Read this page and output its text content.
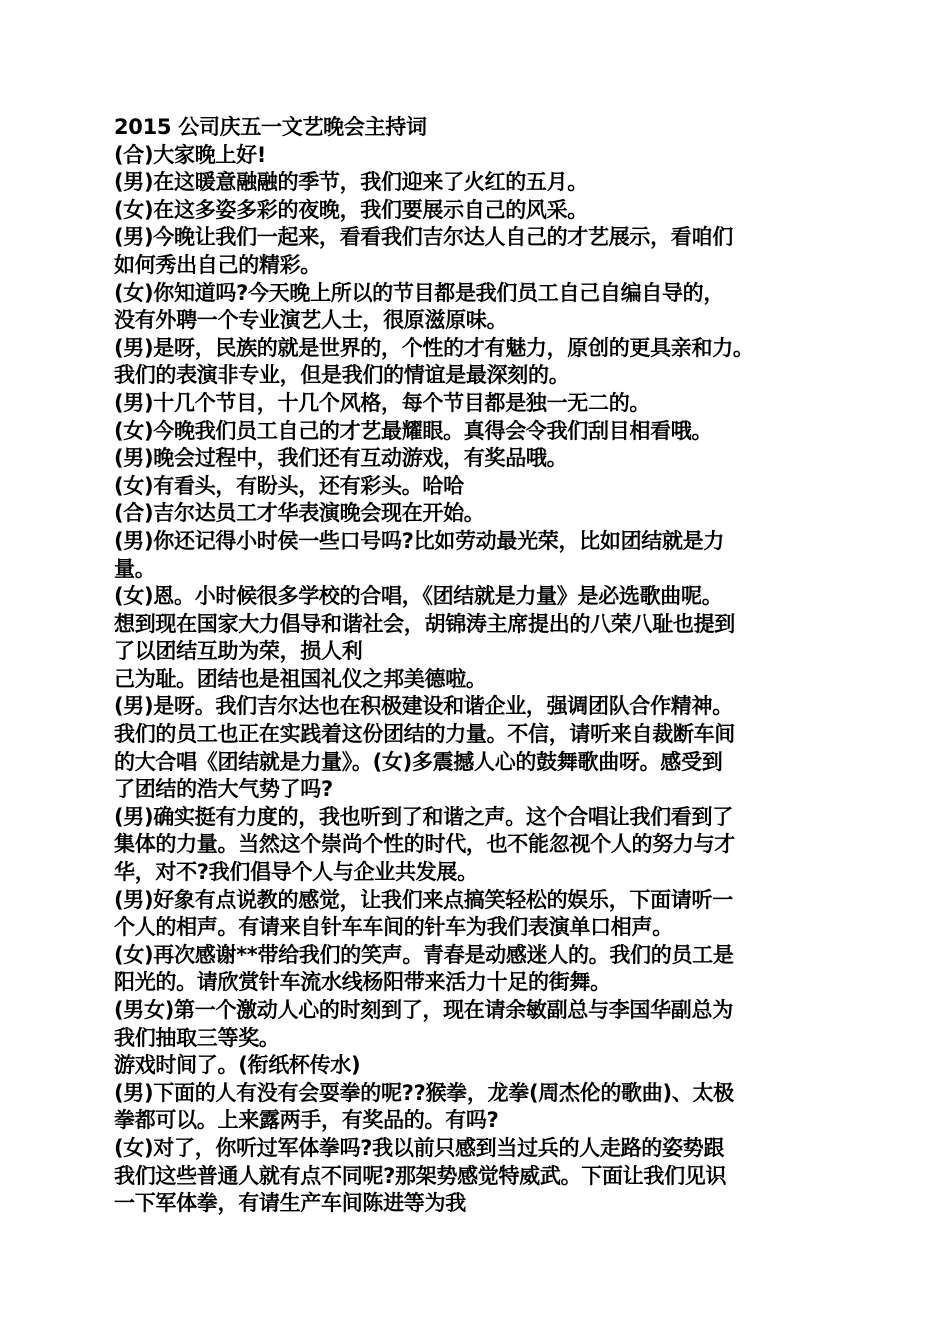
2015 公司庆五一文艺晚会主持词
(合)大家晚上好!
(男)在这暖意融融的季节，我们迎来了火红的五月。
(女)在这多姿多彩的夜晚，我们要展示自己的风采。
(男)今晚让我们一起来，看看我们吉尔达人自己的才艺展示，看咱们
如何秀出自己的精彩。
(女)你知道吗?今天晚上所以的节目都是我们员工自己自编自导的，
没有外聘一个专业演艺人士，很原滋原味。
(男)是呀，民族的就是世界的，个性的才有魅力，原创的更具亲和力。
我们的表演非专业，但是我们的情谊是最深刻的。
(男)十几个节目，十几个风格，每个节目都是独一无二的。
(女)今晚我们员工自己的才艺最耀眼。真得会令我们刮目相看哦。
(男)晚会过程中，我们还有互动游戏，有奖品哦。
(女)有看头，有盼头，还有彩头。哈哈
(合)吉尔达员工才华表演晚会现在开始。
(男)你还记得小时侯一些口号吗?比如劳动最光荣，比如团结就是力
量。
(女)恩。小时候很多学校的合唱，《团结就是力量》是必选歌曲呢。
想到现在国家大力倡导和谐社会，胡锦涛主席提出的八荣八耻也提到
了以团结互助为荣，损人利
己为耻。团结也是祖国礼仪之邦美德啦。
(男)是呀。我们吉尔达也在积极建设和谐企业，强调团队合作精神。
我们的员工也正在实践着这份团结的力量。不信，请听来自裁断车间
的大合唱《团结就是力量》。(女)多震撼人心的鼓舞歌曲呀。感受到
了团结的浩大气势了吗?
(男)确实挺有力度的，我也听到了和谐之声。这个合唱让我们看到了
集体的力量。当然这个崇尚个性的时代，也不能忽视个人的努力与才
华，对不?我们倡导个人与企业共发展。
(男)好象有点说教的感觉，让我们来点搞笑轻松的娱乐，下面请听一
个人的相声。有请来自针车车间的针车为我们表演单口相声。
(女)再次感谢**带给我们的笑声。青春是动感迷人的。我们的员工是
阳光的。请欣赏针车流水线杨阳带来活力十足的街舞。
(男女)第一个激动人心的时刻到了，现在请余敏副总与李国华副总为
我们抽取三等奖。
游戏时间了。(衔纸杯传水)
(男)下面的人有没有会耍拳的呢??猴拳，龙拳(周杰伦的歌曲)、太极
拳都可以。上来露两手，有奖品的。有吗?
(女)对了，你听过军体拳吗?我以前只感到当过兵的人走路的姿势跟
我们这些普通人就有点不同呢?那架势感觉特威武。下面让我们见识
一下军体拳，有请生产车间陈进等为我
